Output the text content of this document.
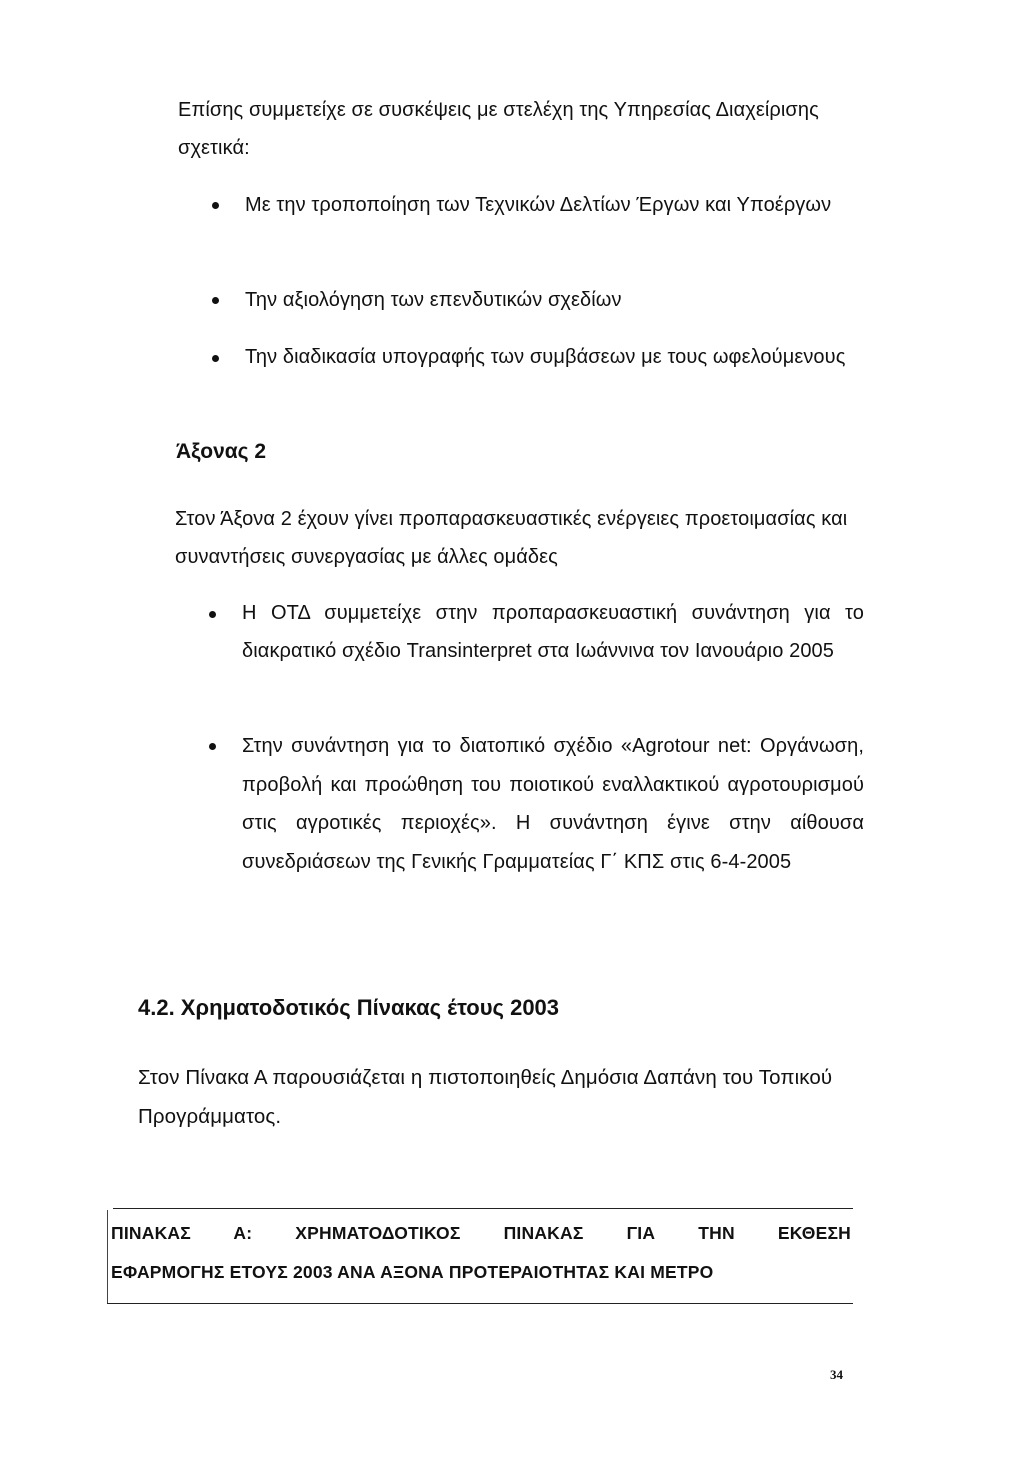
Επίσης συμμετείχε σε συσκέψεις με στελέχη της Υπηρεσίας Διαχείρισης σχετικά:

Με την τροποποίηση των Τεχνικών Δελτίων Έργων και Υποέργων

Την αξιολόγηση των επενδυτικών σχεδίων

Την διαδικασία υπογραφής των συμβάσεων με τους ωφελούμενους

Άξονας 2

Στον Άξονα 2 έχουν γίνει προπαρασκευαστικές ενέργειες προετοιμασίας και συναντήσεις συνεργασίας με άλλες ομάδες

Η ΟΤΔ συμμετείχε στην προπαρασκευαστική συνάντηση για το διακρατικό σχέδιο Transinterpret στα Ιωάννινα τον Ιανουάριο 2005

Στην συνάντηση για το διατοπικό σχέδιο «Agrotour net: Οργάνωση, προβολή και προώθηση του ποιοτικού εναλλακτικού αγροτουρισμού στις αγροτικές περιοχές». Η συνάντηση έγινε στην αίθουσα συνεδριάσεων της Γενικής Γραμματείας Γ΄ ΚΠΣ στις 6-4-2005

4.2. Χρηματοδοτικός Πίνακας έτους 2003

Στον Πίνακα Α παρουσιάζεται η πιστοποιηθείς Δημόσια Δαπάνη του Τοπικού Προγράμματος.

ΠΙΝΑΚΑΣ Α: ΧΡΗΜΑΤΟΔΟΤΙΚΟΣ ΠΙΝΑΚΑΣ ΓΙΑ ΤΗΝ ΕΚΘΕΣΗ
ΕΦΑΡΜΟΓΗΣ ΕΤΟΥΣ 2003 ΑΝΑ ΑΞΟΝΑ ΠΡΟΤΕΡΑΙΟΤΗΤΑΣ ΚΑΙ ΜΕΤΡΟ
34
